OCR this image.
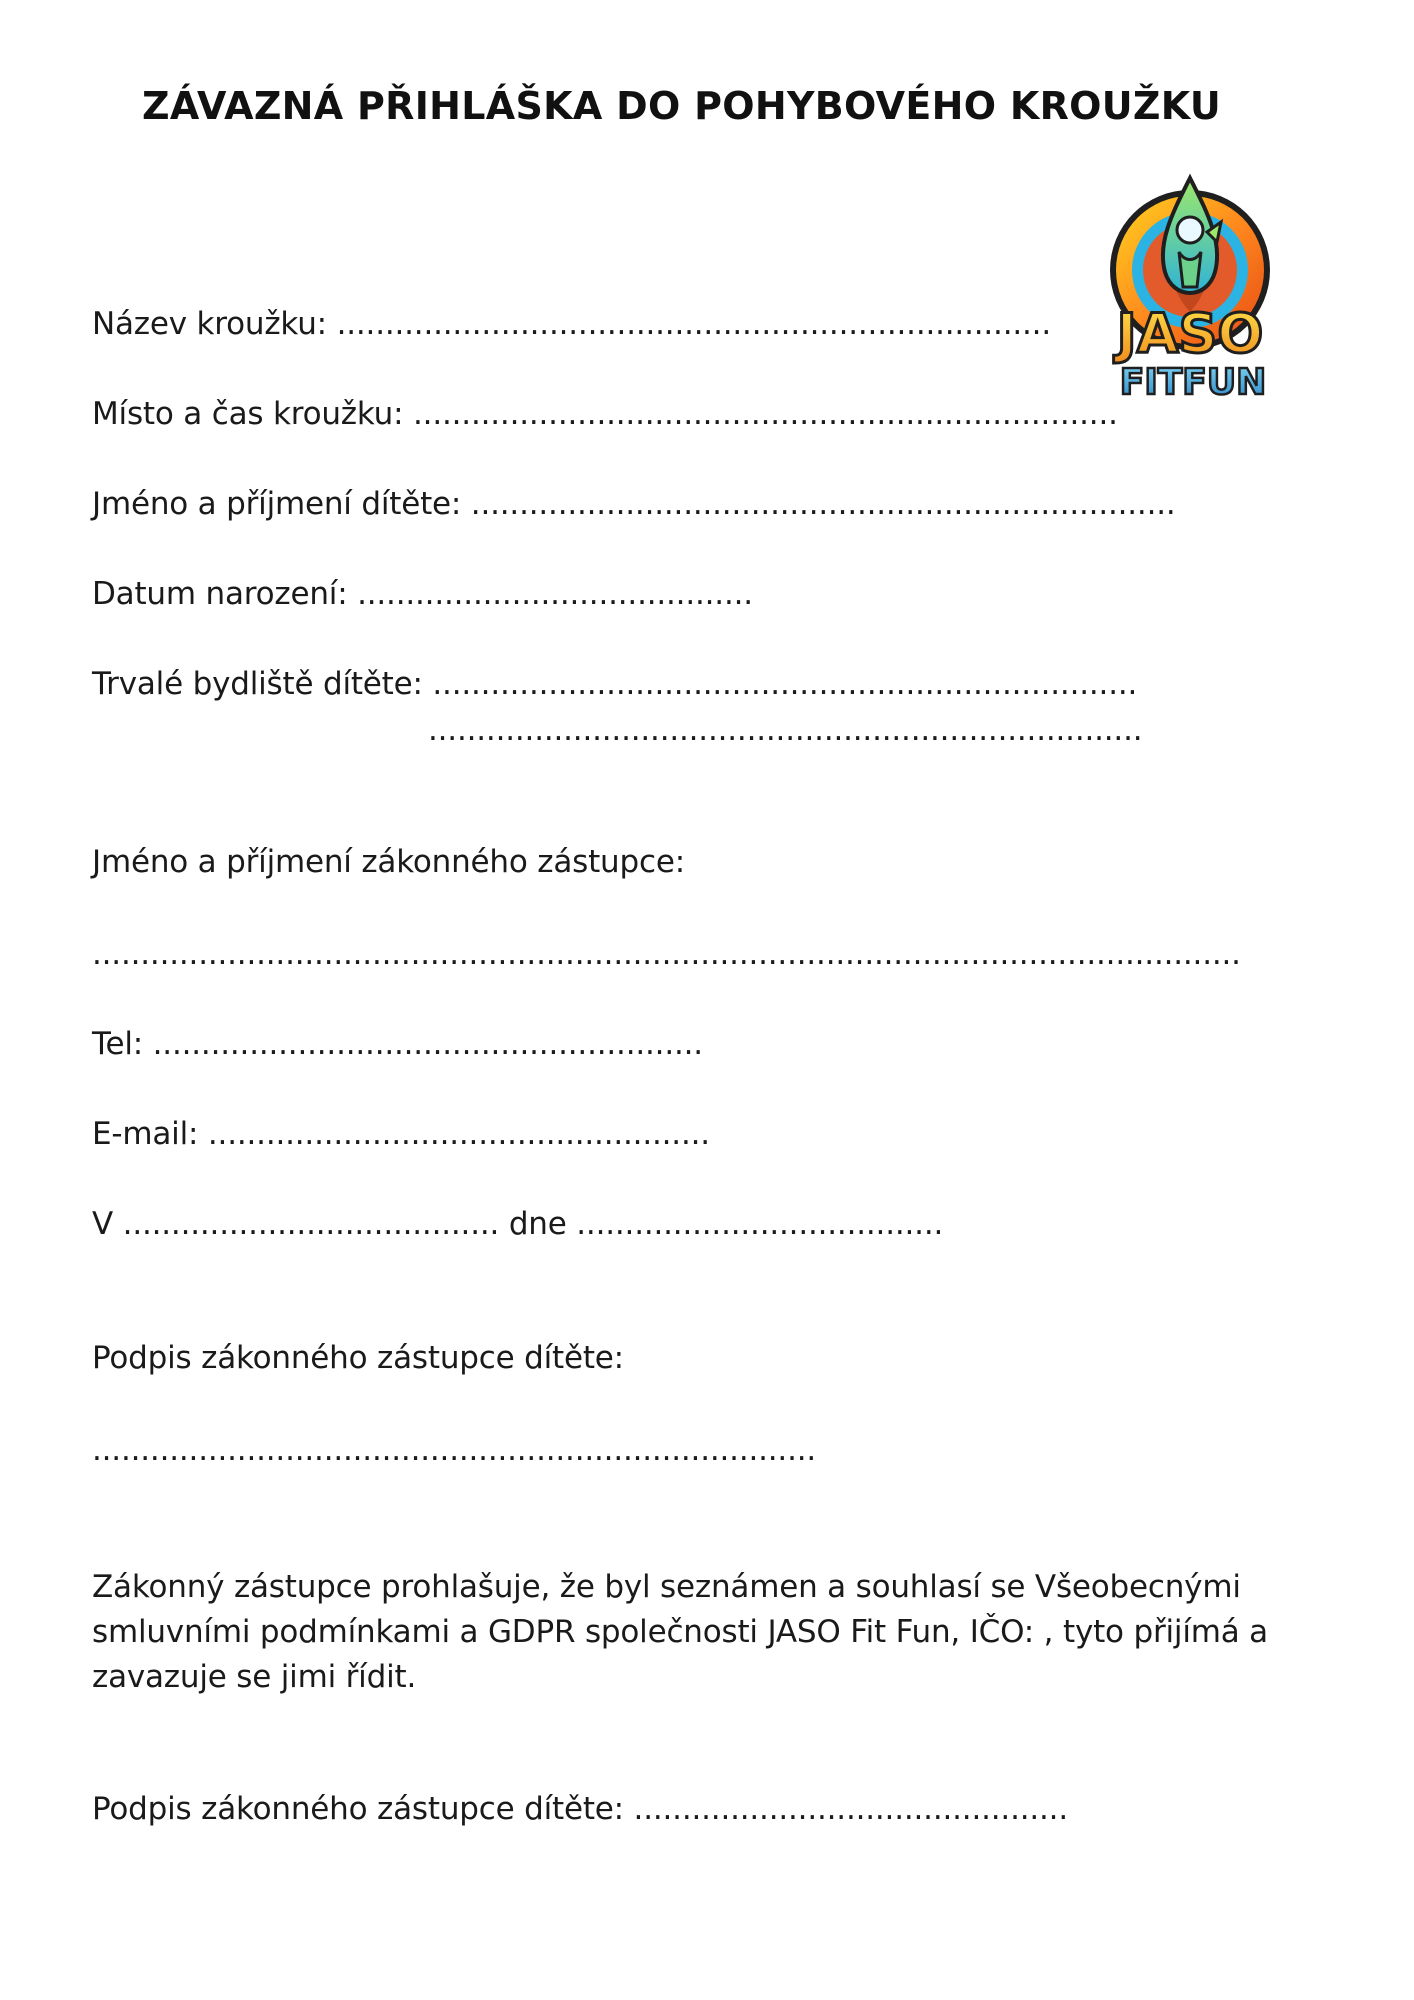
ZÁVAZNÁ PŘIHLÁŠKA DO POHYBOVÉHO KROUŽKU
JASO
FITFUN
Název kroužku: ..........................................................................
Místo a čas kroužku: .........................................................................
Jméno a příjmení dítěte: .........................................................................
Datum narození: .........................................
Trvalé bydliště dítěte: .........................................................................
..........................................................................
Jméno a příjmení zákonného zástupce:
.......................................................................................................................
Tel: .........................................................
E-mail: ....................................................
V ....................................... dne ......................................
Podpis zákonného zástupce dítěte:
...........................................................................
Zákonný zástupce prohlašuje, že byl seznámen a souhlasí se Všeobecnými smluvními podmínkami a GDPR společnosti JASO Fit Fun, IČO: , tyto přijímá a zavazuje se jimi řídit.
Podpis zákonného zástupce dítěte: .............................................
